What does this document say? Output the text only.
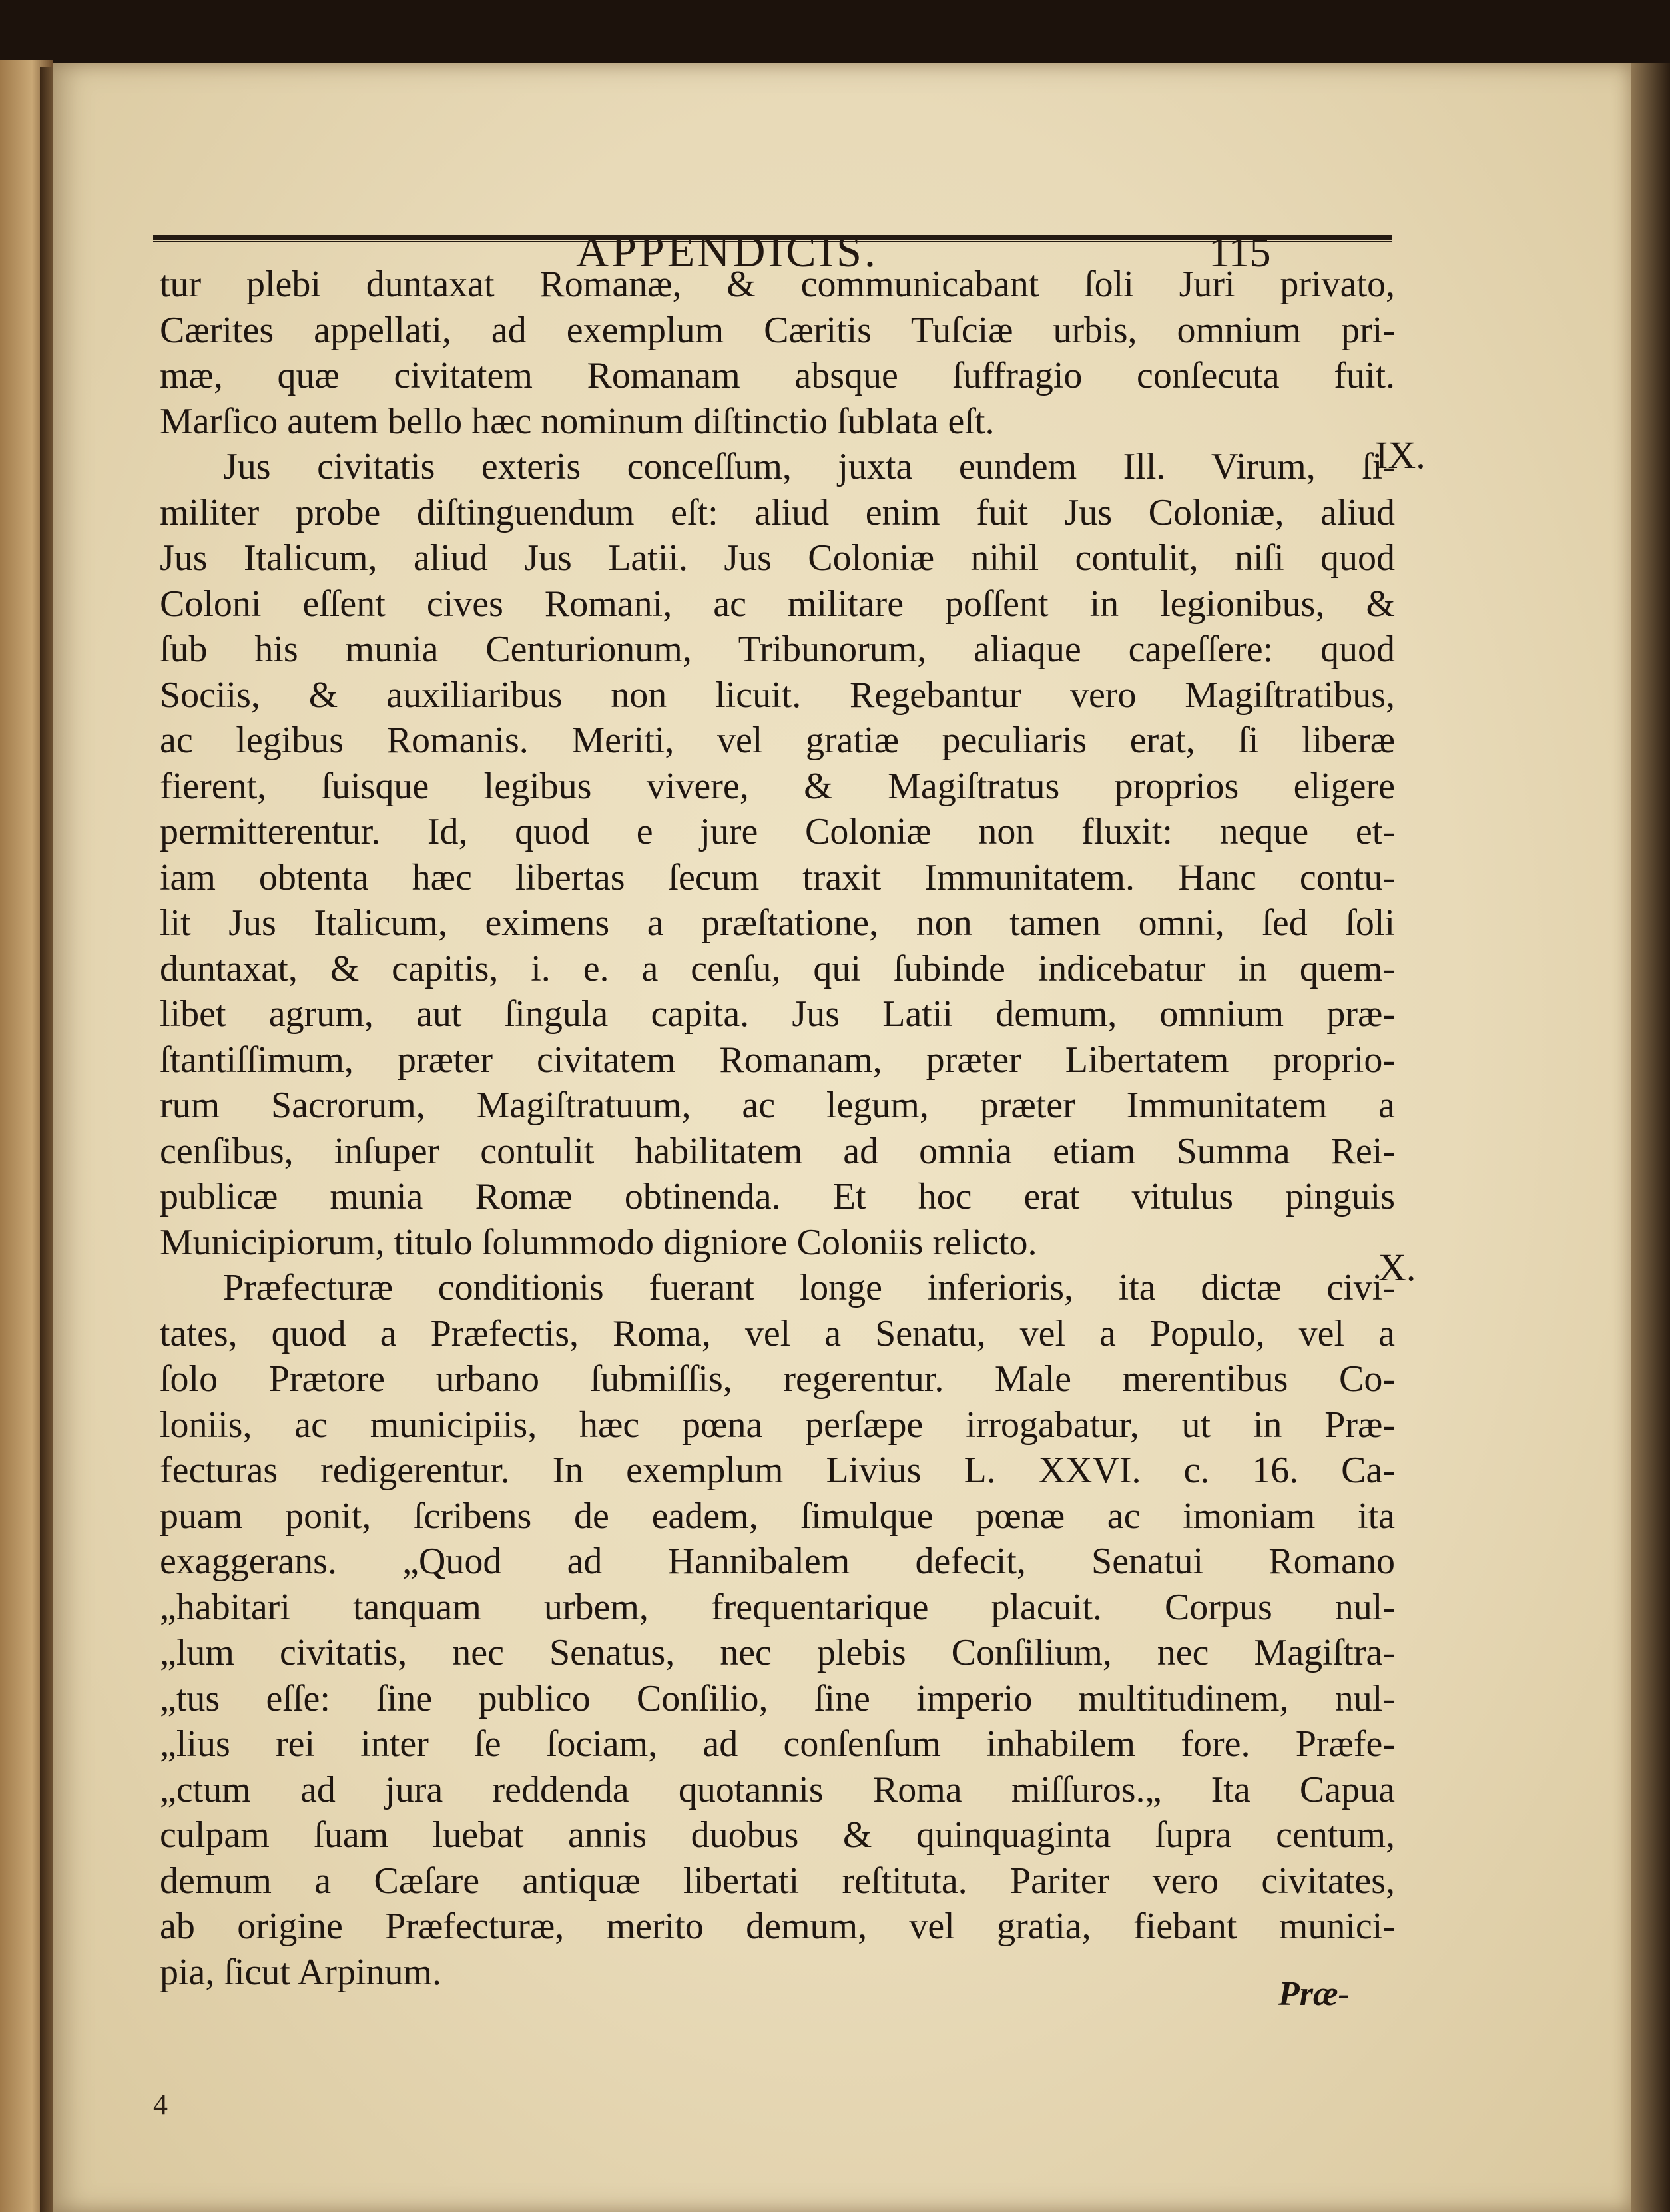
APPENDICIS.	115
tur plebi duntaxat Romanæ, & communicabant ſoli Juri privato,
Cærites appellati, ad exemplum Cæritis Tuſciæ urbis, omnium pri-
mæ, quæ civitatem Romanam absque ſuffragio conſecuta fuit.
Marſico autem bello hæc nominum diſtinctio ſublata eſt.
Jus civitatis exteris conceſſum, juxta eundem Ill. Virum, ſi-
militer probe diſtinguendum eſt: aliud enim fuit Jus Coloniæ, aliud
Jus Italicum, aliud Jus Latii. Jus Coloniæ nihil contulit, niſi quod
Coloni eſſent cives Romani, ac militare poſſent in legionibus, &
ſub his munia Centurionum, Tribunorum, aliaque capeſſere: quod
Sociis, & auxiliaribus non licuit. Regebantur vero Magiſtratibus,
ac legibus Romanis. Meriti, vel gratiæ peculiaris erat, ſi liberæ
fierent, ſuisque legibus vivere, & Magiſtratus proprios eligere
permitterentur. Id, quod e jure Coloniæ non fluxit: neque et-
iam obtenta hæc libertas ſecum traxit Immunitatem. Hanc contu-
lit Jus Italicum, eximens a præſtatione, non tamen omni, ſed ſoli
duntaxat, & capitis, i. e. a cenſu, qui ſubinde indicebatur in quem-
libet agrum, aut ſingula capita. Jus Latii demum, omnium præ-
ſtantiſſimum, præter civitatem Romanam, præter Libertatem proprio-
rum Sacrorum, Magiſtratuum, ac legum, præter Immunitatem a
cenſibus, inſuper contulit habilitatem ad omnia etiam Summa Rei-
publicæ munia Romæ obtinenda. Et hoc erat vitulus pinguis
Municipiorum, titulo ſolummodo digniore Coloniis relicto.
Præfecturæ conditionis fuerant longe inferioris, ita dictæ civi-
tates, quod a Præfectis, Roma, vel a Senatu, vel a Populo, vel a
ſolo Prætore urbano ſubmiſſis, regerentur. Male merentibus Co-
loniis, ac municipiis, hæc pœna perſæpe irrogabatur, ut in Præ-
fecturas redigerentur. In exemplum Livius L. XXVI. c. 16. Ca-
puam ponit, ſcribens de eadem, ſimulque pœnæ ac imoniam ita
exaggerans. „Quod ad Hannibalem defecit, Senatui Romano
„habitari tanquam urbem, frequentarique placuit. Corpus nul-
„lum civitatis, nec Senatus, nec plebis Conſilium, nec Magiſtra-
„tus eſſe: ſine publico Conſilio, ſine imperio multitudinem, nul-
„lius rei inter ſe ſociam, ad conſenſum inhabilem fore. Præfe-
„ctum ad jura reddenda quotannis Roma miſſuros.„ Ita Capua
culpam ſuam luebat annis duobus & quinquaginta ſupra centum,
demum a Cæſare antiquæ libertati reſtituta. Pariter vero civitates,
ab origine Præfecturæ, merito demum, vel gratia, fiebant munici-
pia, ſicut Arpinum.
IX.
X.
Præ-
4
